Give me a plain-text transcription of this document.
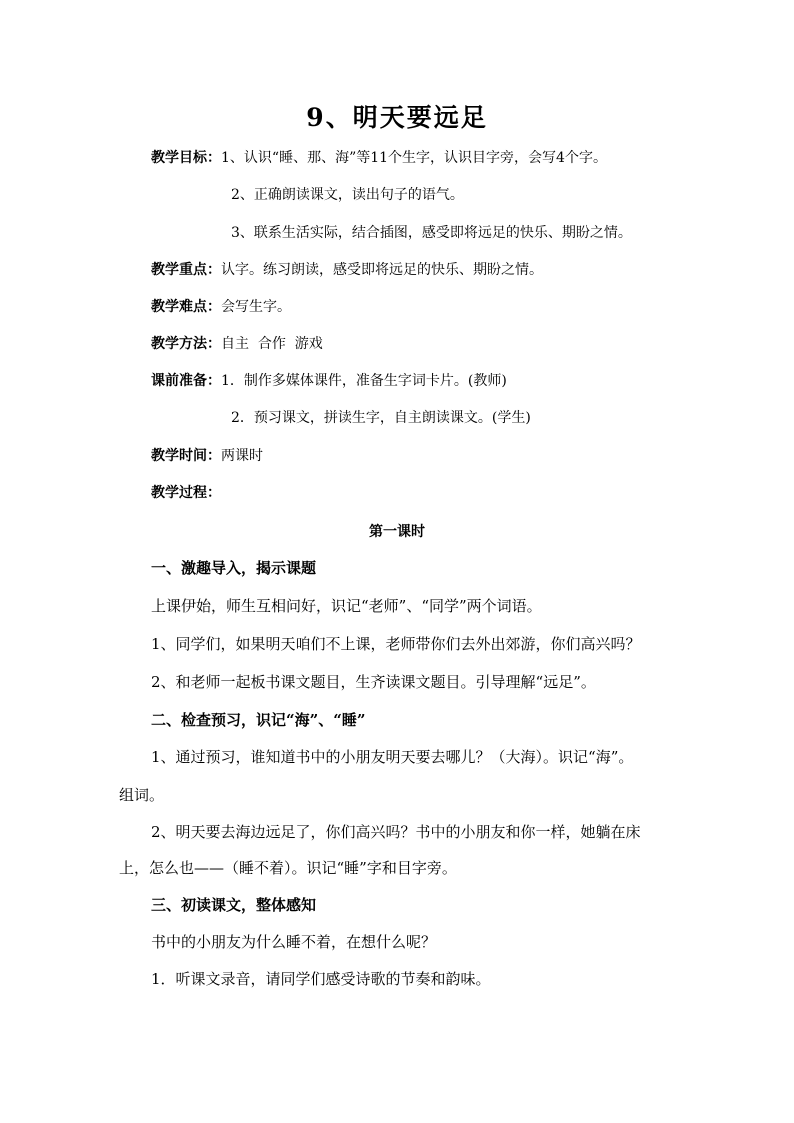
9、明天要远足
教学目标：1、认识“睡、那、海”等11个生字，认识目字旁，会写4个字。
2、正确朗读课文，读出句子的语气。
3、联系生活实际，结合插图，感受即将远足的快乐、期盼之情。
教学重点：认字。练习朗读，感受即将远足的快乐、期盼之情。
教学难点：会写生字。
教学方法：自主  合作  游戏
课前准备：1．制作多媒体课件，准备生字词卡片。(教师)
2．预习课文，拼读生字，自主朗读课文。(学生)
教学时间：两课时
教学过程：
第一课时
一、激趣导入，揭示课题
上课伊始，师生互相问好，识记“老师”、“同学”两个词语。
1、同学们，如果明天咱们不上课，老师带你们去外出郊游，你们高兴吗？
2、和老师一起板书课文题目，生齐读课文题目。引导理解“远足”。
二、检查预习，识记“海”、“睡”
1、通过预习，谁知道书中的小朋友明天要去哪儿？（大海）。识记“海”。
组词。
2、明天要去海边远足了，你们高兴吗？书中的小朋友和你一样，她躺在床
上，怎么也——（睡不着）。识记“睡”字和目字旁。
三、初读课文，整体感知
书中的小朋友为什么睡不着，在想什么呢？
1．听课文录音，请同学们感受诗歌的节奏和韵味。
